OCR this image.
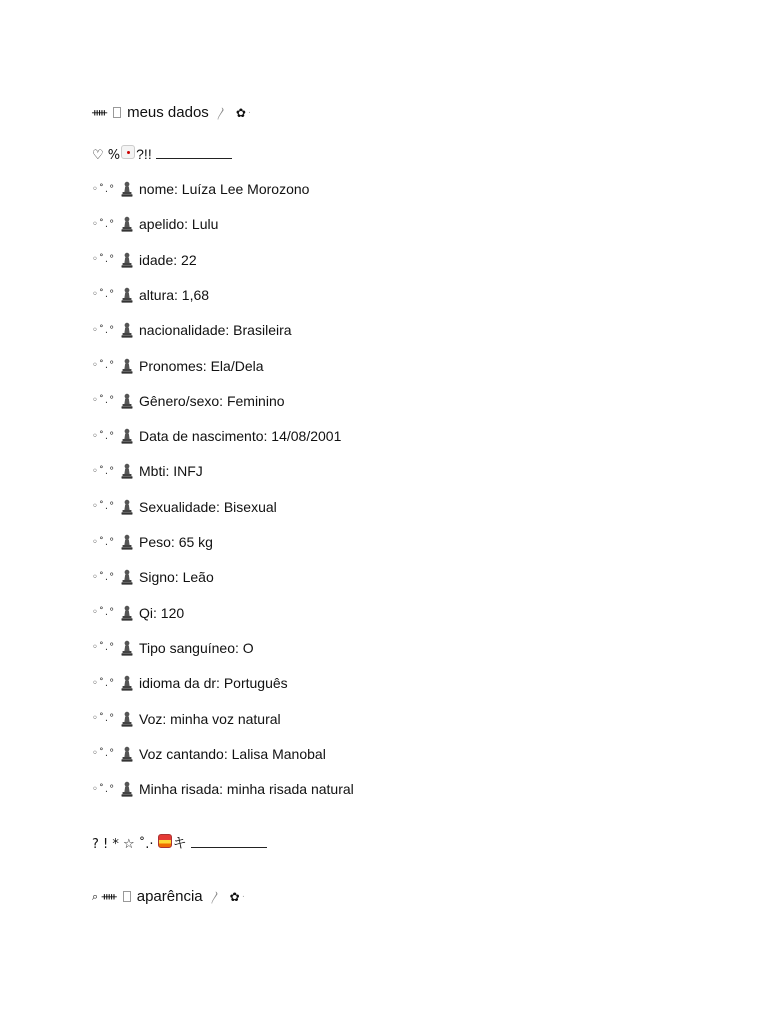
ᚔ meus dados 〳 ✿ ·
♡ % ?!!
◦˚.°	nome: Luíza Lee Morozono
◦˚.°	apelido: Lulu
◦˚.°	idade: 22
◦˚.°	altura: 1,68
◦˚.°	nacionalidade: Brasileira
◦˚.°	Pronomes: Ela/Dela
◦˚.°	Gênero/sexo: Feminino
◦˚.°	Data de nascimento: 14/08/2001
◦˚.°	Mbti: INFJ
◦˚.°	Sexualidade: Bisexual
◦˚.°	Peso: 65 kg
◦˚.°	Signo: Leão
◦˚.°	Qi: 120
◦˚.°	Tipo sanguíneo: O
◦˚.°	idioma da dr: Português
◦˚.°	Voz: minha voz natural
◦˚.°	Voz cantando: Lalisa Manobal
◦˚.°	Minha risada: minha risada natural
? ! * ☆ ˚.· キ
⌕ ᚔ aparência 〳 ✿ ·
